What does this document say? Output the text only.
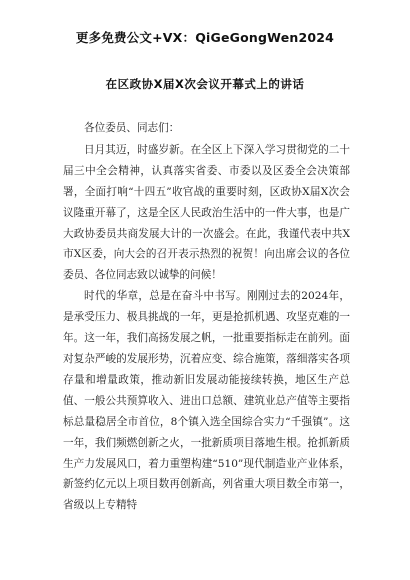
更多免费公文+VX：QiGeGongWen2024
在区政协X届X次会议开幕式上的讲话

各位委员、同志们：

日月其迈，时盛岁新。在全区上下深入学习贯彻党的二十届三中全会精神，认真落实省委、市委以及区委全会决策部署，全面打响“十四五”收官战的重要时刻，区政协X届X次会议隆重开幕了，这是全区人民政治生活中的一件大事，也是广大政协委员共商发展大计的一次盛会。在此，我谨代表中共X市X区委，向大会的召开表示热烈的祝贺！向出席会议的各位委员、各位同志致以诚挚的问候！

时代的华章，总是在奋斗中书写。刚刚过去的2024年，是承受压力、极具挑战的一年，更是抢抓机遇、攻坚克难的一年。这一年，我们高扬发展之帆，一批重要指标走在前列。面对复杂严峻的发展形势，沉着应变、综合施策，落细落实各项存量和增量政策，推动新旧发展动能接续转换，地区生产总值、一般公共预算收入、进出口总额、建筑业总产值等主要指标总量稳居全市首位，8个镇入选全国综合实力“千强镇”。这一年，我们频燃创新之火，一批新质项目落地生根。抢抓新质生产力发展风口，着力重塑构建“510”现代制造业产业体系，新签约亿元以上项目数再创新高，列省重大项目数全市第一，省级以上专精特
